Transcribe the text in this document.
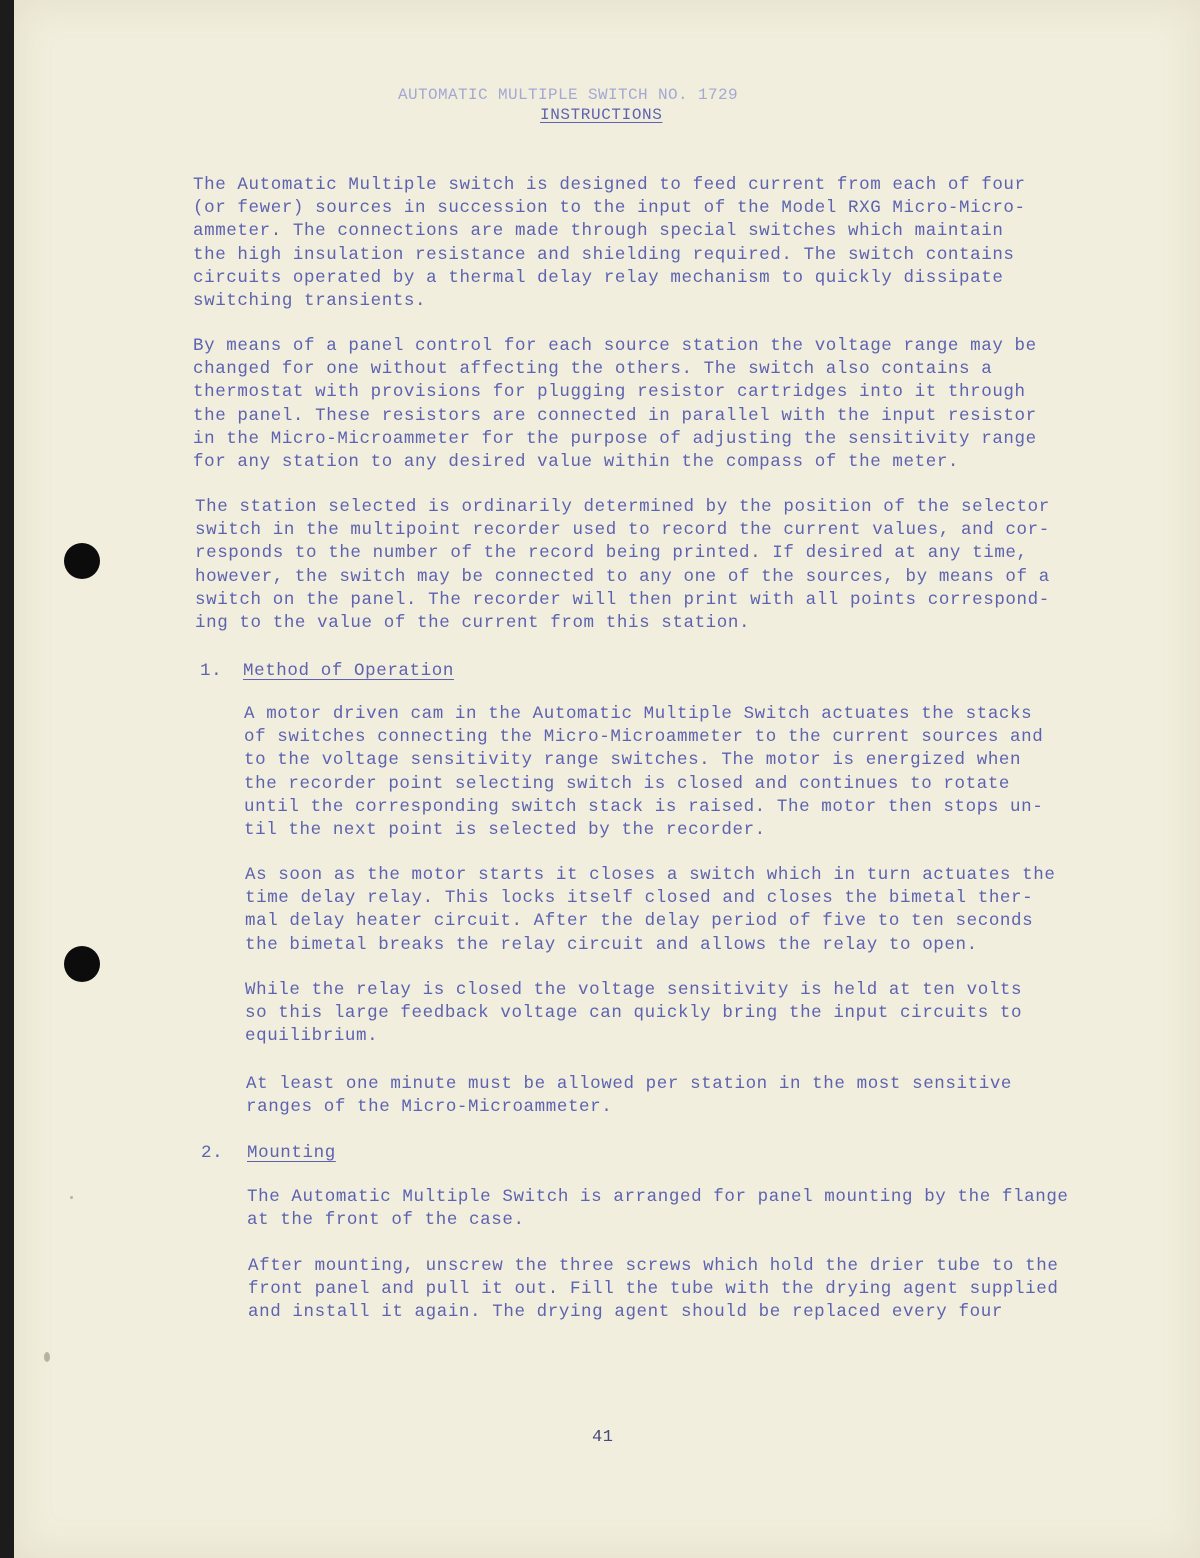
AUTOMATIC MULTIPLE SWITCH NO. 1729
INSTRUCTIONS
The Automatic Multiple switch is designed to feed current from each of four
(or fewer) sources in succession to the input of the Model RXG Micro-Micro-
ammeter. The connections are made through special switches which maintain
the high insulation resistance and shielding required. The switch contains
circuits operated by a thermal delay relay mechanism to quickly dissipate
switching transients.
By means of a panel control for each source station the voltage range may be
changed for one without affecting the others. The switch also contains a
thermostat with provisions for plugging resistor cartridges into it through
the panel. These resistors are connected in parallel with the input resistor
in the Micro-Microammeter for the purpose of adjusting the sensitivity range
for any station to any desired value within the compass of the meter.
The station selected is ordinarily determined by the position of the selector
switch in the multipoint recorder used to record the current values, and cor-
responds to the number of the record being printed. If desired at any time,
however, the switch may be connected to any one of the sources, by means of a
switch on the panel. The recorder will then print with all points correspond-
ing to the value of the current from this station.
1. Method of Operation
A motor driven cam in the Automatic Multiple Switch actuates the stacks
of switches connecting the Micro-Microammeter to the current sources and
to the voltage sensitivity range switches. The motor is energized when
the recorder point selecting switch is closed and continues to rotate
until the corresponding switch stack is raised. The motor then stops un-
til the next point is selected by the recorder.
As soon as the motor starts it closes a switch which in turn actuates the
time delay relay. This locks itself closed and closes the bimetal ther-
mal delay heater circuit. After the delay period of five to ten seconds
the bimetal breaks the relay circuit and allows the relay to open.
While the relay is closed the voltage sensitivity is held at ten volts
so this large feedback voltage can quickly bring the input circuits to
equilibrium.
At least one minute must be allowed per station in the most sensitive
ranges of the Micro-Microammeter.
2. Mounting
The Automatic Multiple Switch is arranged for panel mounting by the flange
at the front of the case.
After mounting, unscrew the three screws which hold the drier tube to the
front panel and pull it out. Fill the tube with the drying agent supplied
and install it again. The drying agent should be replaced every four
41
